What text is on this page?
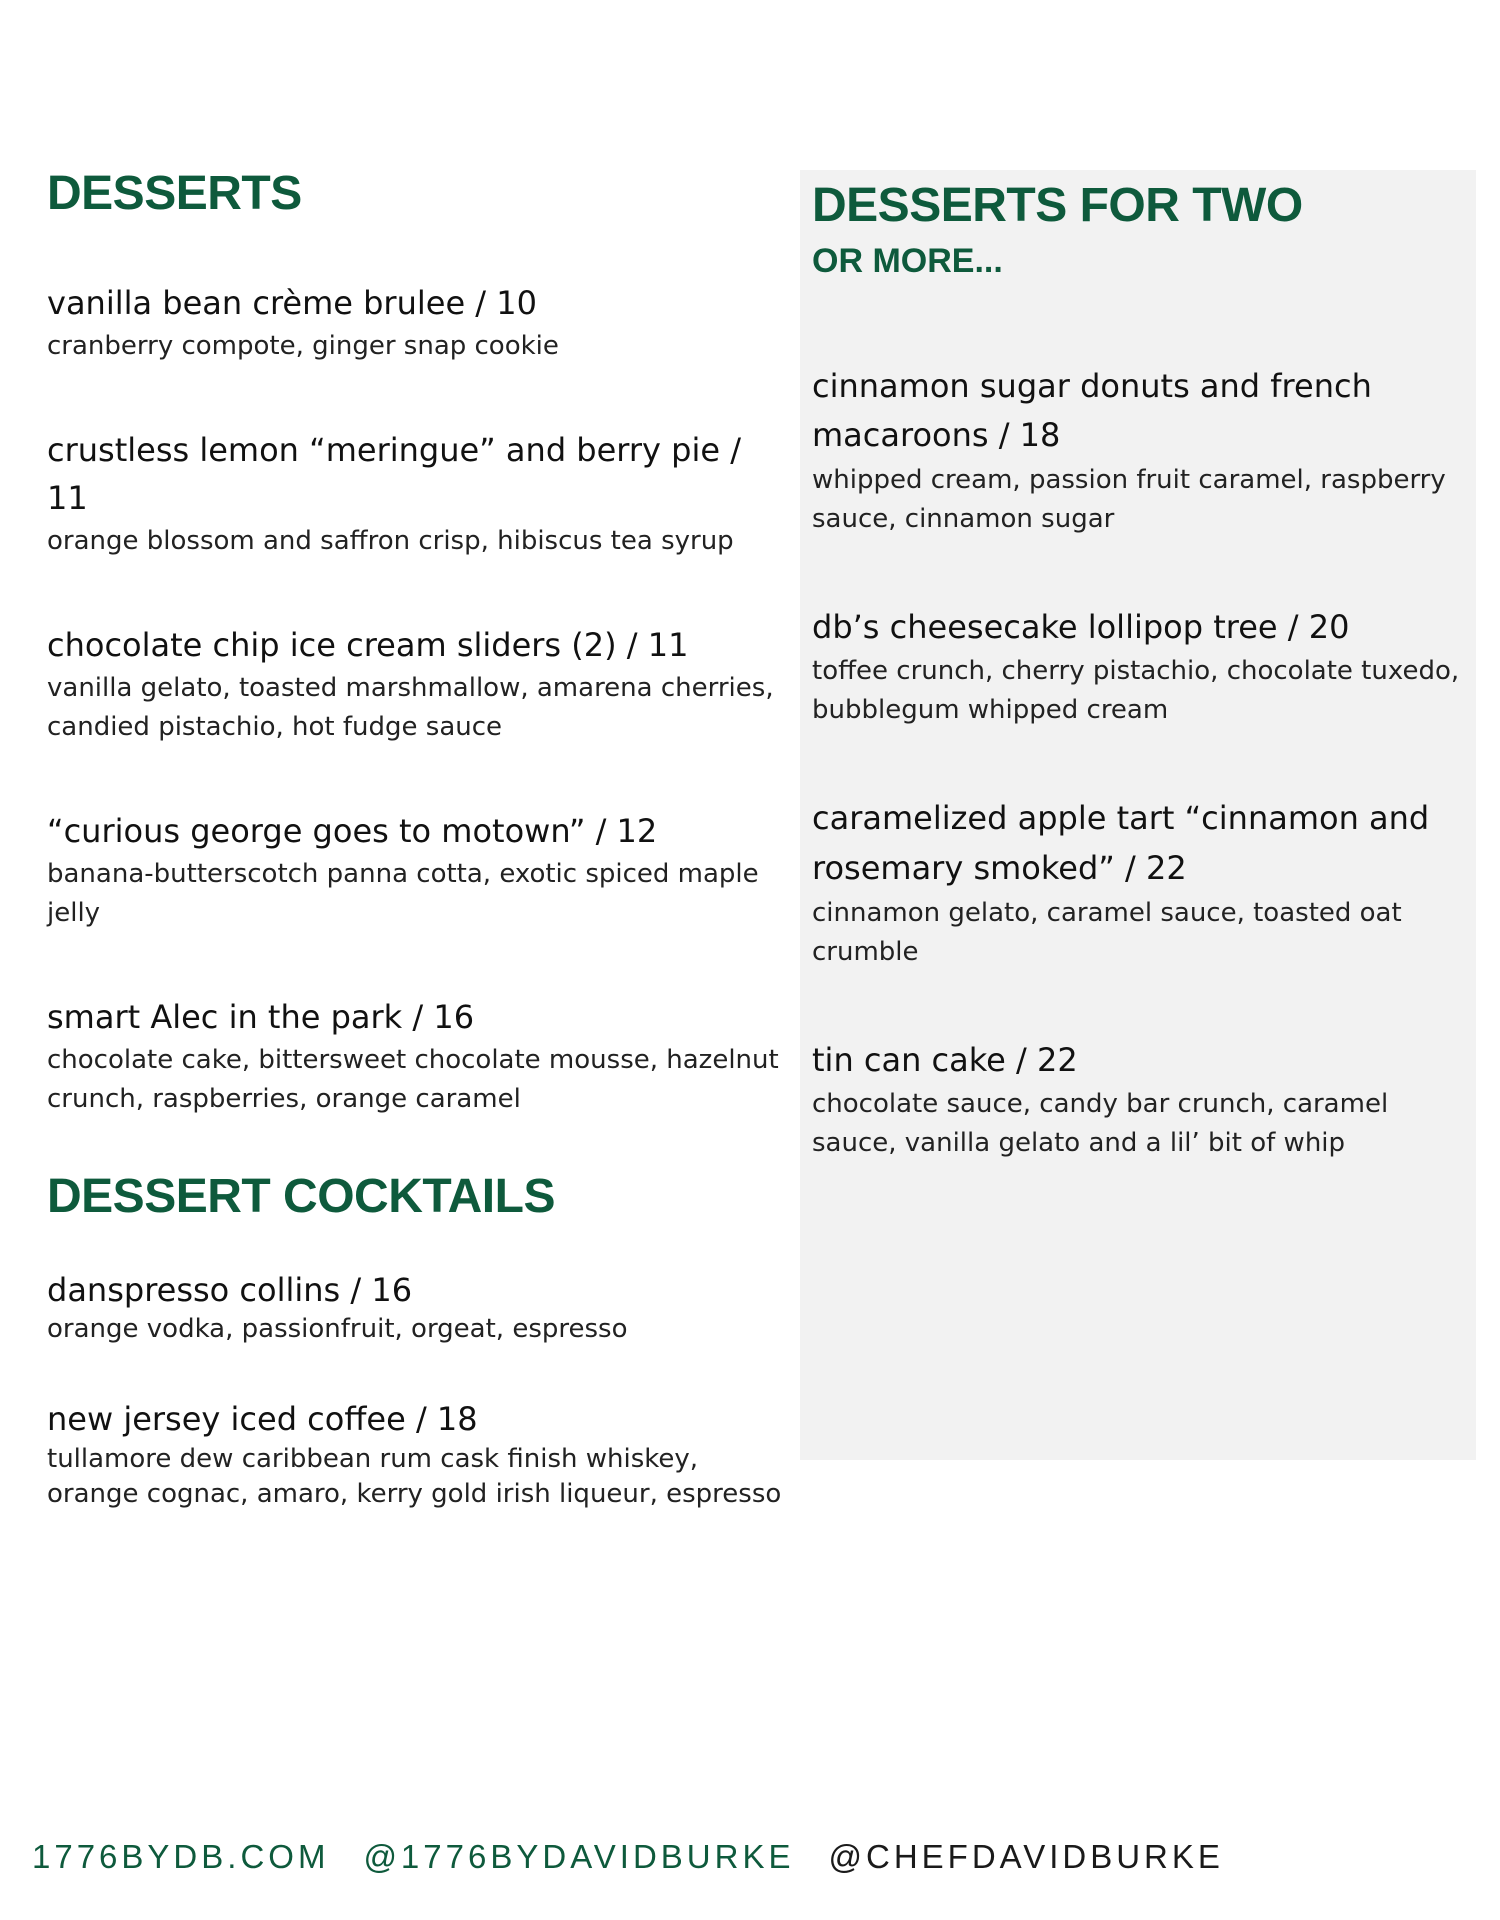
DESSERTS

vanilla bean crème brulee / 10

cranberry compote, ginger snap cookie

crustless lemon “meringue” and berry pie / 11

orange blossom and saffron crisp, hibiscus tea syrup

chocolate chip ice cream sliders (2) / 11

vanilla gelato, toasted marshmallow, amarena cherries, candied pistachio, hot fudge sauce

“curious george goes to motown” / 12

banana-butterscotch panna cotta, exotic spiced maple jelly

smart Alec in the park / 16

chocolate cake, bittersweet chocolate mousse, hazelnut crunch, raspberries, orange caramel

DESSERT COCKTAILS

danspresso collins / 16

orange vodka, passionfruit, orgeat, espresso

new jersey iced coffee / 18

tullamore dew caribbean rum cask finish whiskey, orange cognac, amaro, kerry gold irish liqueur, espresso

DESSERTS FOR TWO
OR MORE...

cinnamon sugar donuts and french macaroons / 18

whipped cream, passion fruit caramel, raspberry sauce, cinnamon sugar

db’s cheesecake lollipop tree / 20

toffee crunch, cherry pistachio, chocolate tuxedo, bubblegum whipped cream

caramelized apple tart “cinnamon and rosemary smoked” / 22

cinnamon gelato, caramel sauce, toasted oat crumble

tin can cake / 22

chocolate sauce, candy bar crunch, caramel sauce, vanilla gelato and a lil’ bit of whip

1776BYDB.COM @1776BYDAVIDBURKE @CHEFDAVIDBURKE
